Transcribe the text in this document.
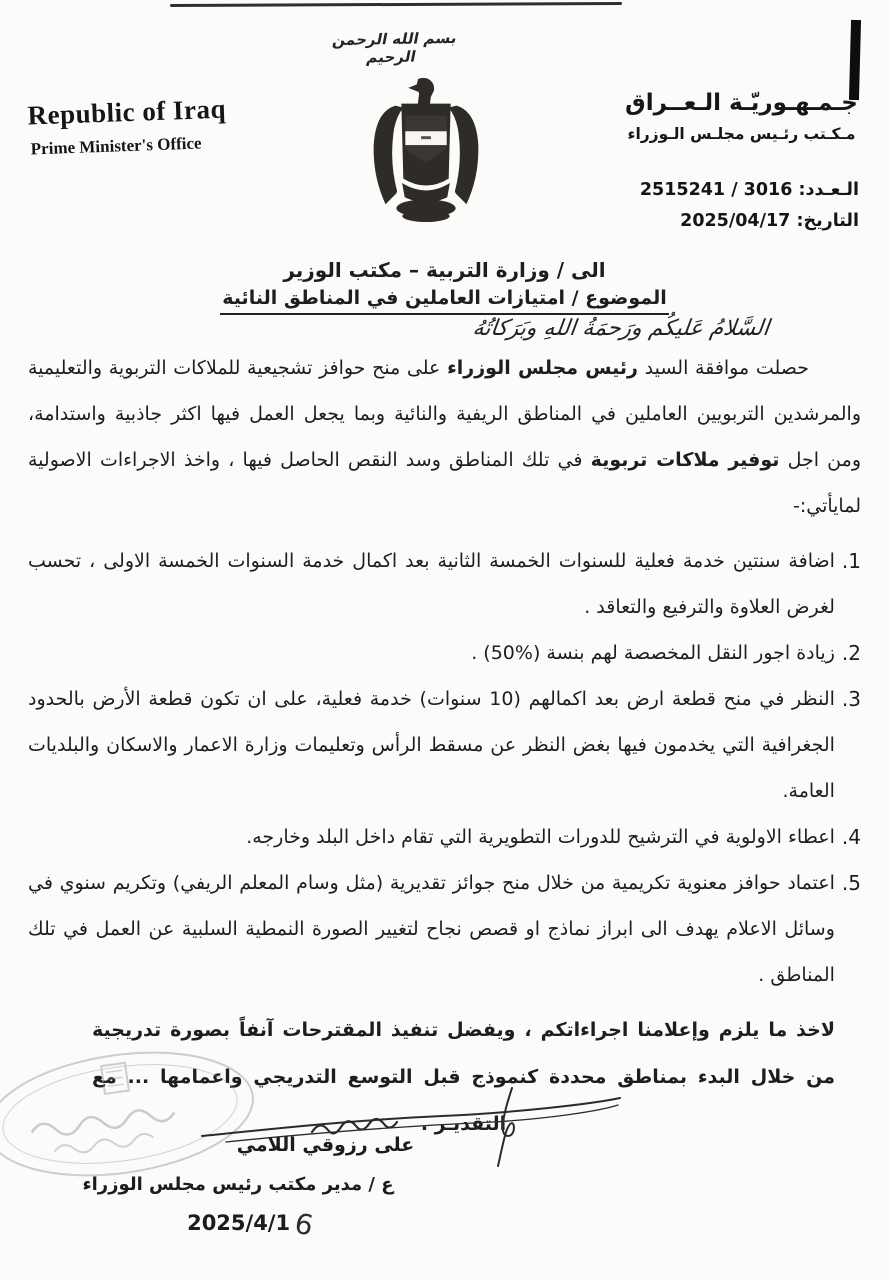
بسم الله الرحمن الرحيم
Republic of Iraq
Prime Minister's Office
جـمـهـوريّـة الـعــراق
مـكـتب رئـيس مجلـس الـوزراء
الـعـدد: 2515241 / 3016
التاريخ: 2025/04/17
الى / وزارة التربية – مكتب الوزير
الموضوع / امتيازات العاملين في المناطق النائية
السَّلامُ عَليكُم ورَحمَةُ اللهِ وبَرَكاتُهُ

حصلت موافقة السيد رئيس مجلس الوزراء على منح حوافز تشجيعية للملاكات التربوية والتعليمية والمرشدين التربويين العاملين في المناطق الريفية والنائية وبما يجعل العمل فيها اكثر جاذبية واستدامة، ومن اجل توفير ملاكات تربوية في تلك المناطق وسد النقص الحاصل فيها ، واخذ الاجراءات الاصولية لمايأتي:-

1.
اضافة سنتين خدمة فعلية للسنوات الخمسة الثانية بعد اكمال خدمة السنوات الخمسة الاولى ، تحسب لغرض العلاوة والترفيع والتعاقد .
2.
زيادة اجور النقل المخصصة لهم بنسة (%50) .
3.
النظر في منح قطعة ارض بعد اكمالهم (10 سنوات) خدمة فعلية، على ان تكون قطعة الأرض بالحدود الجغرافية التي يخدمون فيها بغض النظر عن مسقط الرأس وتعليمات وزارة الاعمار والاسكان والبلديات العامة.
4.
اعطاء الاولوية في الترشيح للدورات التطويرية التي تقام داخل البلد وخارجه.
5.
اعتماد حوافز معنوية تكريمية من خلال منح جوائز تقديرية (مثل وسام المعلم الريفي) وتكريم سنوي في وسائل الاعلام يهدف الى ابراز نماذج او قصص نجاح لتغيير الصورة النمطية السلبية عن العمل في تلك المناطق .

لاخذ ما يلزم وإعلامنا اجراءاتكم ، ويفضل تنفيذ المقترحات آنفاً بصورة تدريجية من خلال البدء بمناطق محددة كنموذج قبل التوسع التدريجي واعمامها ... مع التقديـر .

على رزوقي اللامي
ع / مدير مكتب رئيس مجلس الوزراء
2025/4/16
